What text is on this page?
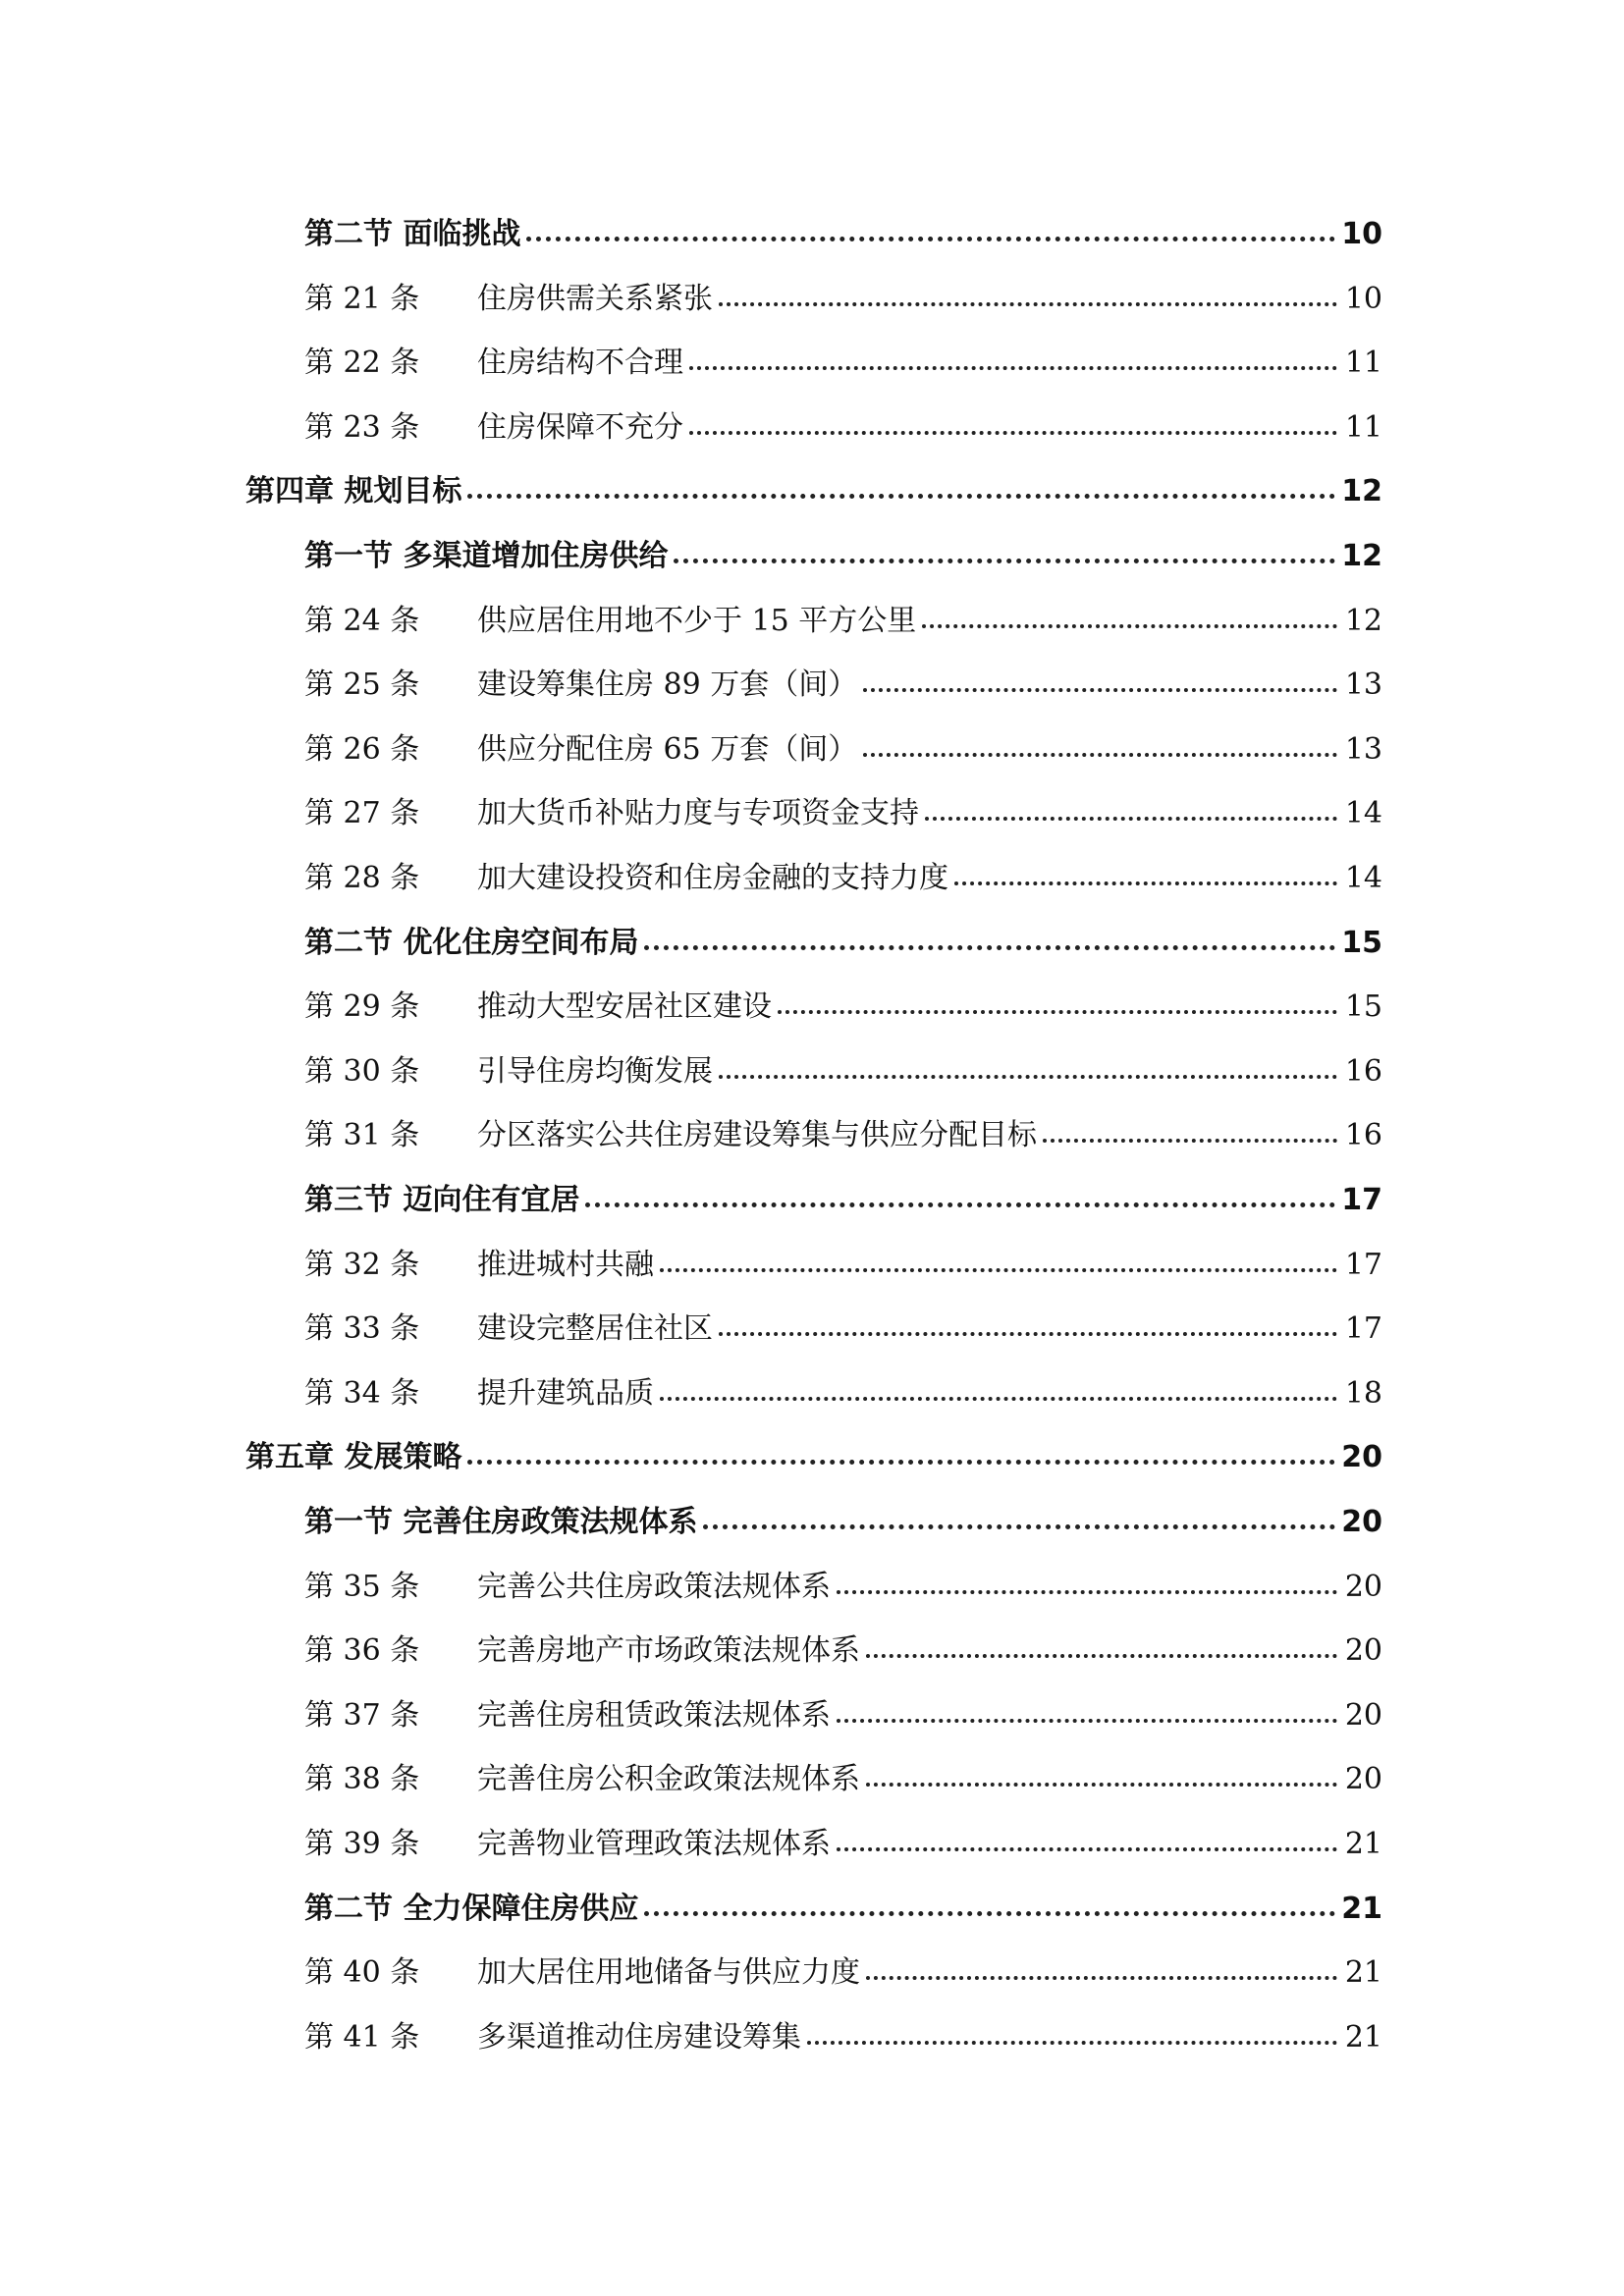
第二节 面临挑战	10
第 21 条	住房供需关系紧张	10
第 22 条	住房结构不合理	11
第 23 条	住房保障不充分	11
第四章 规划目标	12
第一节 多渠道增加住房供给	12
第 24 条	供应居住用地不少于 15 平方公里	12
第 25 条	建设筹集住房 89 万套（间）	13
第 26 条	供应分配住房 65 万套（间）	13
第 27 条	加大货币补贴力度与专项资金支持	14
第 28 条	加大建设投资和住房金融的支持力度	14
第二节 优化住房空间布局	15
第 29 条	推动大型安居社区建设	15
第 30 条	引导住房均衡发展	16
第 31 条	分区落实公共住房建设筹集与供应分配目标	16
第三节 迈向住有宜居	17
第 32 条	推进城村共融	17
第 33 条	建设完整居住社区	17
第 34 条	提升建筑品质	18
第五章 发展策略	20
第一节 完善住房政策法规体系	20
第 35 条	完善公共住房政策法规体系	20
第 36 条	完善房地产市场政策法规体系	20
第 37 条	完善住房租赁政策法规体系	20
第 38 条	完善住房公积金政策法规体系	20
第 39 条	完善物业管理政策法规体系	21
第二节 全力保障住房供应	21
第 40 条	加大居住用地储备与供应力度	21
第 41 条	多渠道推动住房建设筹集	21
